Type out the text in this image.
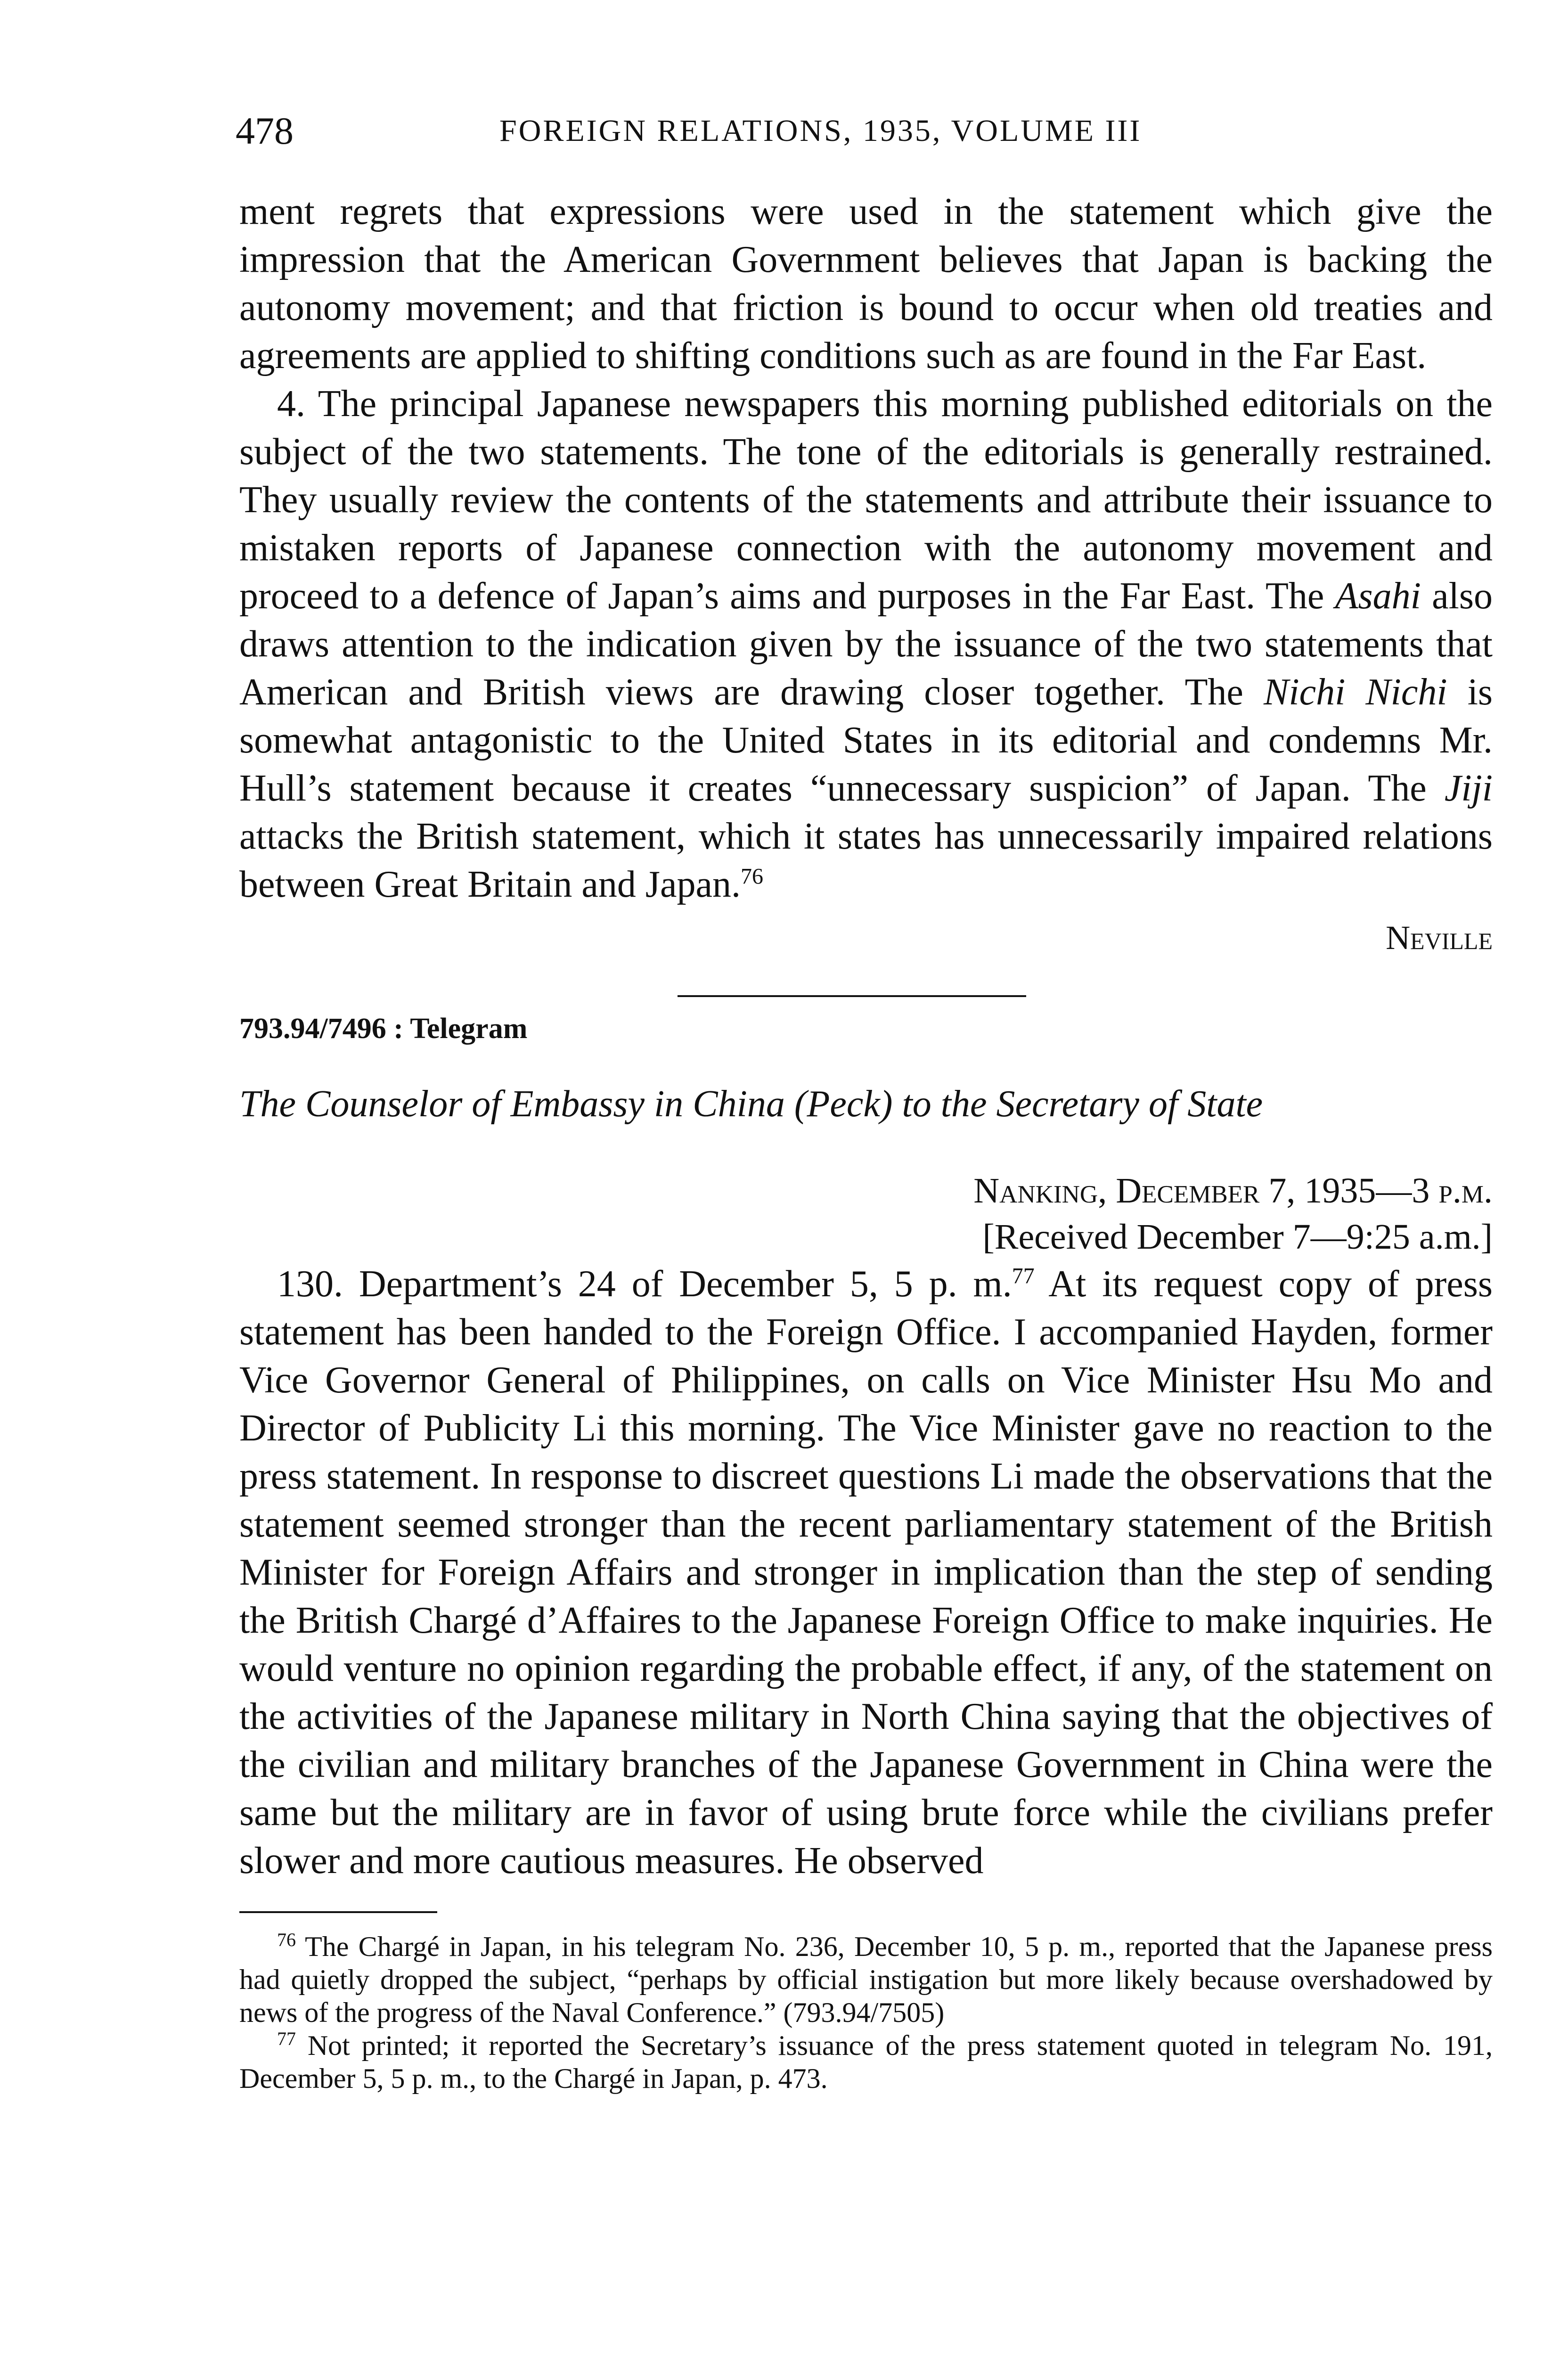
478	FOREIGN RELATIONS, 1935, VOLUME III

ment regrets that expressions were used in the statement which give the impression that the American Government believes that Japan is backing the autonomy movement; and that friction is bound to occur when old treaties and agreements are applied to shifting conditions such as are found in the Far East.

4. The principal Japanese newspapers this morning published editorials on the subject of the two statements. The tone of the editorials is generally restrained. They usually review the contents of the statements and attribute their issuance to mistaken reports of Japanese connection with the autonomy movement and proceed to a defence of Japan’s aims and purposes in the Far East. The Asahi also draws attention to the indication given by the issuance of the two statements that American and British views are drawing closer together. The Nichi Nichi is somewhat antagonistic to the United States in its editorial and condemns Mr. Hull’s statement because it creates “unnecessary suspicion” of Japan. The Jiji attacks the British statement, which it states has unnecessarily impaired relations between Great Britain and Japan.$^{76}$

Neville

793.94/7496 : Telegram
The Counselor of Embassy in China (Peck) to the Secretary of State
Nanking, December 7, 1935—3 p.m.
[Received December 7—9:25 a.m.]

130. Department’s 24 of December 5, 5 p. m.$^{77}$ At its request copy of press statement has been handed to the Foreign Office. I accompanied Hayden, former Vice Governor General of Philippines, on calls on Vice Minister Hsu Mo and Director of Publicity Li this morning. The Vice Minister gave no reaction to the press statement. In response to discreet questions Li made the observations that the statement seemed stronger than the recent parliamentary statement of the British Minister for Foreign Affairs and stronger in implication than the step of sending the British Chargé d’Affaires to the Japanese Foreign Office to make inquiries. He would venture no opinion regarding the probable effect, if any, of the statement on the activities of the Japanese military in North China saying that the objectives of the civilian and military branches of the Japanese Government in China were the same but the military are in favor of using brute force while the civilians prefer slower and more cautious measures. He observed

$^{76}$ The Chargé in Japan, in his telegram No. 236, December 10, 5 p. m., reported that the Japanese press had quietly dropped the subject, “perhaps by official instigation but more likely because overshadowed by news of the progress of the Naval Conference.” (793.94/7505)

$^{77}$ Not printed; it reported the Secretary’s issuance of the press statement quoted in telegram No. 191, December 5, 5 p. m., to the Chargé in Japan, p. 473.
